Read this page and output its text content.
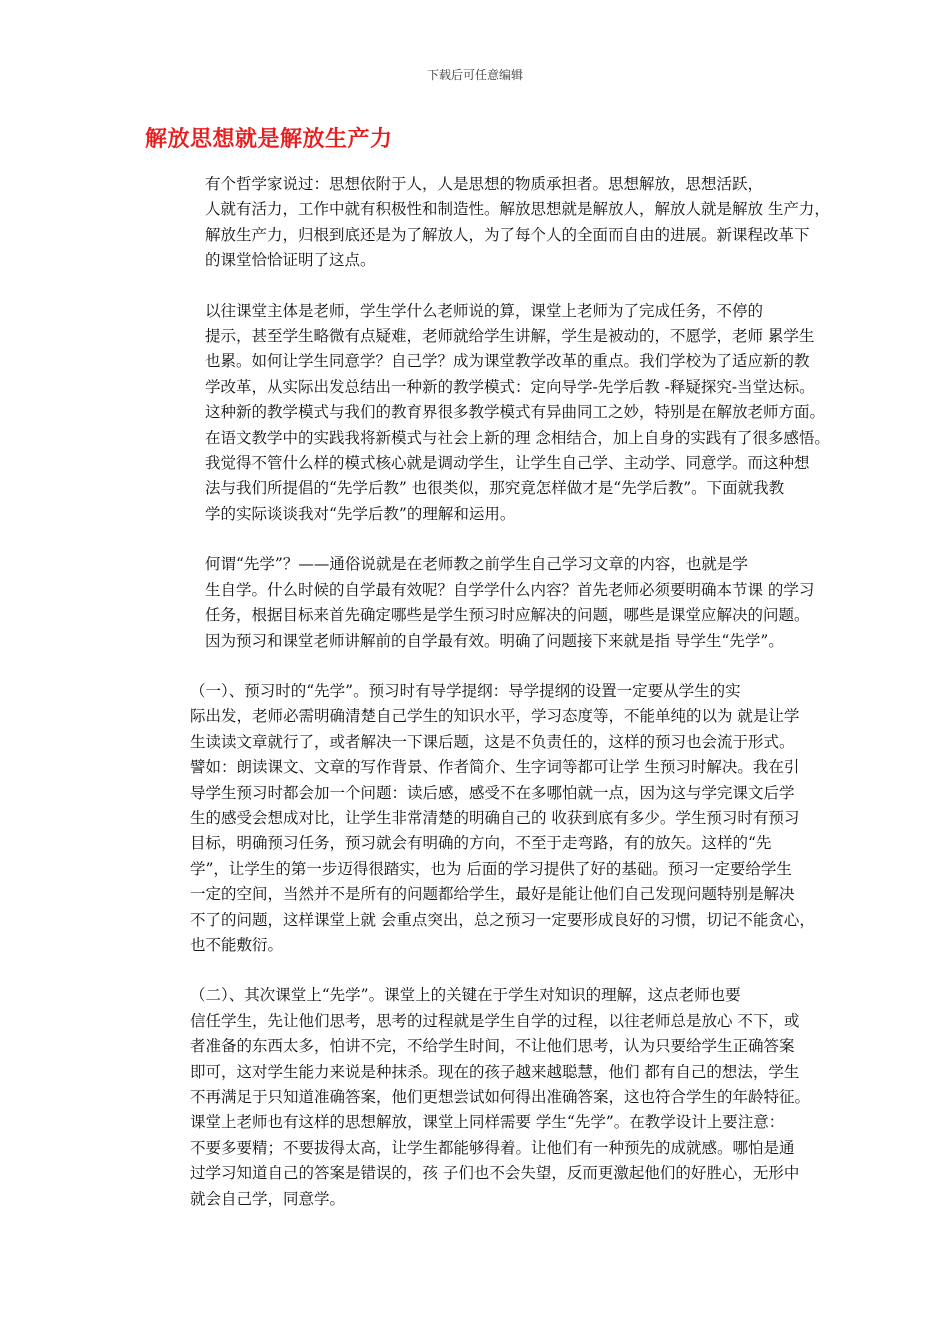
下载后可任意编辑
解放思想就是解放生产力

有个哲学家说过：思想依附于人，人是思想的物质承担者。思想解放，思想活跃，
人就有活力，工作中就有积极性和制造性。解放思想就是解放人，解放人就是解放 生产力，
解放生产力，归根到底还是为了解放人，为了每个人的全面而自由的进展。新课程改革下
的课堂恰恰证明了这点。

以往课堂主体是老师，学生学什么老师说的算，课堂上老师为了完成任务，不停的
提示，甚至学生略微有点疑难，老师就给学生讲解，学生是被动的，不愿学，老师 累学生
也累。如何让学生同意学？自己学？成为课堂教学改革的重点。我们学校为了适应新的教
学改革，从实际出发总结出一种新的教学模式：定向导学-先学后教 -释疑探究-当堂达标。
这种新的教学模式与我们的教育界很多教学模式有异曲同工之妙，特别是在解放老师方面。
在语文教学中的实践我将新模式与社会上新的理 念相结合，加上自身的实践有了很多感悟。
我觉得不管什么样的模式核心就是调动学生，让学生自己学、主动学、同意学。而这种想
法与我们所提倡的“先学后教” 也很类似，那究竟怎样做才是“先学后教”。下面就我教
学的实际谈谈我对“先学后教”的理解和运用。

何谓“先学”？——通俗说就是在老师教之前学生自己学习文章的内容，也就是学
生自学。什么时候的自学最有效呢？自学学什么内容？首先老师必须要明确本节课 的学习
任务，根据目标来首先确定哪些是学生预习时应解决的问题，哪些是课堂应解决的问题。
因为预习和课堂老师讲解前的自学最有效。明确了问题接下来就是指 导学生“先学”。

（一）、预习时的“先学”。预习时有导学提纲：导学提纲的设置一定要从学生的实
际出发，老师必需明确清楚自己学生的知识水平，学习态度等，不能单纯的以为 就是让学
生读读文章就行了，或者解决一下课后题，这是不负责任的，这样的预习也会流于形式。
譬如：朗读课文、文章的写作背景、作者简介、生字词等都可让学 生预习时解决。我在引
导学生预习时都会加一个问题：读后感，感受不在多哪怕就一点，因为这与学完课文后学
生的感受会想成对比，让学生非常清楚的明确自己的 收获到底有多少。学生预习时有预习
目标，明确预习任务，预习就会有明确的方向，不至于走弯路，有的放矢。这样的“先
学”，让学生的第一步迈得很踏实，也为 后面的学习提供了好的基础。预习一定要给学生
一定的空间，当然并不是所有的问题都给学生，最好是能让他们自己发现问题特别是解决
不了的问题，这样课堂上就 会重点突出，总之预习一定要形成良好的习惯，切记不能贪心，
也不能敷衍。

（二）、其次课堂上“先学”。课堂上的关键在于学生对知识的理解，这点老师也要
信任学生，先让他们思考，思考的过程就是学生自学的过程，以往老师总是放心 不下，或
者准备的东西太多，怕讲不完，不给学生时间，不让他们思考，认为只要给学生正确答案
即可，这对学生能力来说是种抹杀。现在的孩子越来越聪慧，他们 都有自己的想法，学生
不再满足于只知道准确答案，他们更想尝试如何得出准确答案，这也符合学生的年龄特征。
课堂上老师也有这样的思想解放，课堂上同样需要 学生“先学”。在教学设计上要注意：
不要多要精；不要拔得太高，让学生都能够得着。让他们有一种预先的成就感。哪怕是通
过学习知道自己的答案是错误的，孩 子们也不会失望，反而更激起他们的好胜心，无形中
就会自己学，同意学。
